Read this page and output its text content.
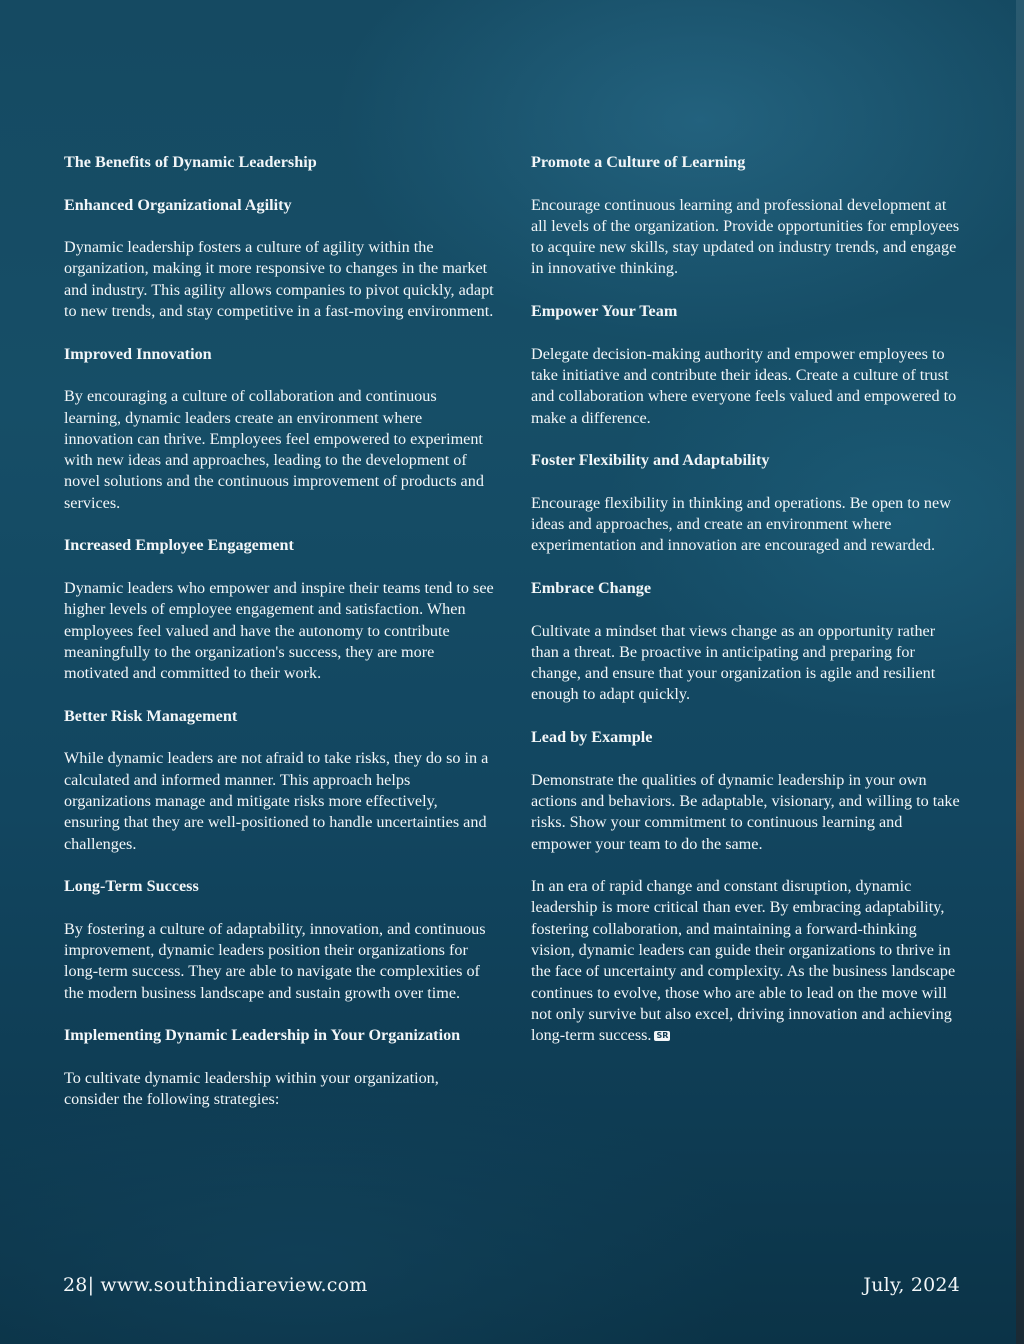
The Benefits of Dynamic Leadership
Enhanced Organizational Agility
Dynamic leadership fosters a culture of agility within the organization, making it more responsive to changes in the market and industry. This agility allows companies to pivot quickly, adapt to new trends, and stay competitive in a fast-moving environment.
Improved Innovation
By encouraging a culture of collaboration and continuous learning, dynamic leaders create an environment where innovation can thrive. Employees feel empowered to experiment with new ideas and approaches, leading to the development of novel solutions and the continuous improvement of products and services.
Increased Employee Engagement
Dynamic leaders who empower and inspire their teams tend to see higher levels of employee engagement and satisfaction. When employees feel valued and have the autonomy to contribute meaningfully to the organization's success, they are more motivated and committed to their work.
Better Risk Management
While dynamic leaders are not afraid to take risks, they do so in a calculated and informed manner. This approach helps organizations manage and mitigate risks more effectively, ensuring that they are well-positioned to handle uncertainties and challenges.
Long-Term Success
By fostering a culture of adaptability, innovation, and continuous improvement, dynamic leaders position their organizations for long-term success. They are able to navigate the complexities of the modern business landscape and sustain growth over time.
Implementing Dynamic Leadership in Your Organization
To cultivate dynamic leadership within your organization, consider the following strategies:
Promote a Culture of Learning
Encourage continuous learning and professional development at all levels of the organization. Provide opportunities for employees to acquire new skills, stay updated on industry trends, and engage in innovative thinking.
Empower Your Team
Delegate decision-making authority and empower employees to take initiative and contribute their ideas. Create a culture of trust and collaboration where everyone feels valued and empowered to make a difference.
Foster Flexibility and Adaptability
Encourage flexibility in thinking and operations. Be open to new ideas and approaches, and create an environment where experimentation and innovation are encouraged and rewarded.
Embrace Change
Cultivate a mindset that views change as an opportunity rather than a threat. Be proactive in anticipating and preparing for change, and ensure that your organization is agile and resilient enough to adapt quickly.
Lead by Example
Demonstrate the qualities of dynamic leadership in your own actions and behaviors. Be adaptable, visionary, and willing to take risks. Show your commitment to continuous learning and empower your team to do the same.
In an era of rapid change and constant disruption, dynamic leadership is more critical than ever. By embracing adaptability, fostering collaboration, and maintaining a forward-thinking vision, dynamic leaders can guide their organizations to thrive in the face of uncertainty and complexity. As the business landscape continues to evolve, those who are able to lead on the move will not only survive but also excel, driving innovation and achieving long-term success. SR
28| www.southindiareview.com	July, 2024
